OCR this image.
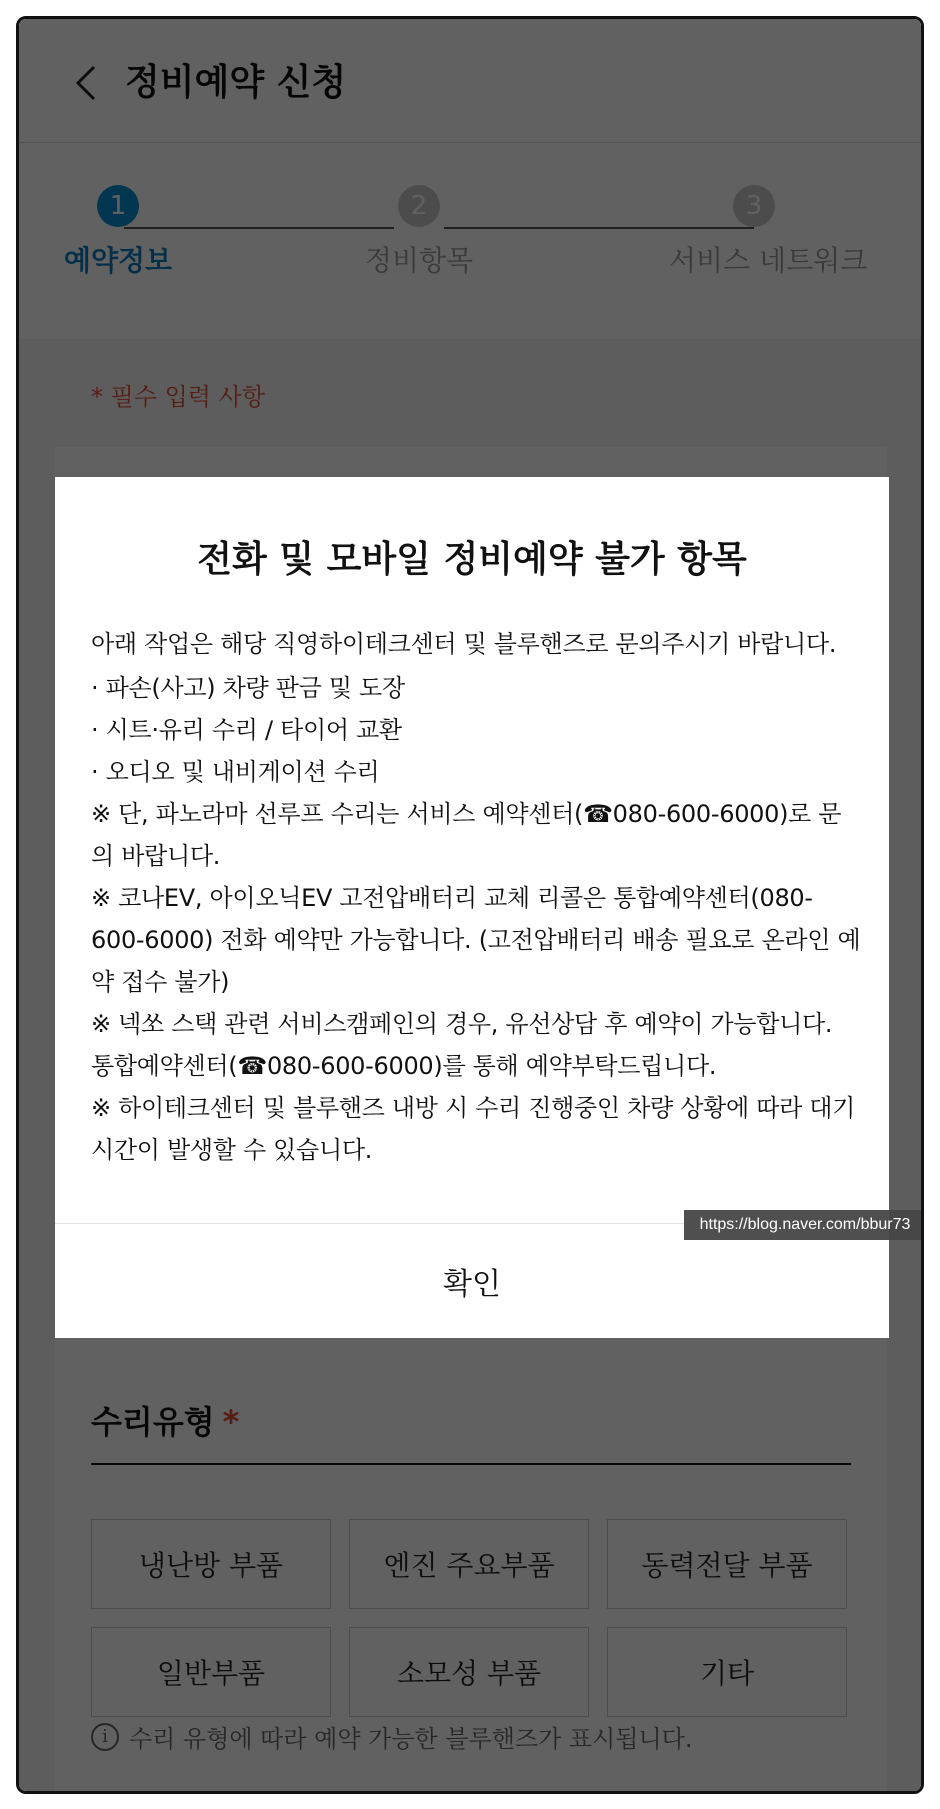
전화 및 모바일 정비예약 불가 항목

아래 작업은 해당 직영하이테크센터 및 블루핸즈로 문의주시기 바랍니다.

· 파손(사고) 차량 판금 및 도장

· 시트·유리 수리 / 타이어 교환

· 오디오 및 내비게이션 수리

※ 단, 파노라마 선루프 수리는 서비스 예약센터(☎080-600-6000)로 문의 바랍니다.

※ 코나EV, 아이오닉EV 고전압배터리 교체 리콜은 통합예약센터(080-600-6000) 전화 예약만 가능합니다. (고전압배터리 배송 필요로 온라인 예약 접수 불가)

※ 넥쏘 스택 관련 서비스캠페인의 경우, 유선상담 후 예약이 가능합니다. 통합예약센터(☎080-600-6000)를 통해 예약부탁드립니다.

※ 하이테크센터 및 블루핸즈 내방 시 수리 진행중인 차량 상황에 따라 대기시간이 발생할 수 있습니다.

확인
https://blog.naver.com/bbur73
